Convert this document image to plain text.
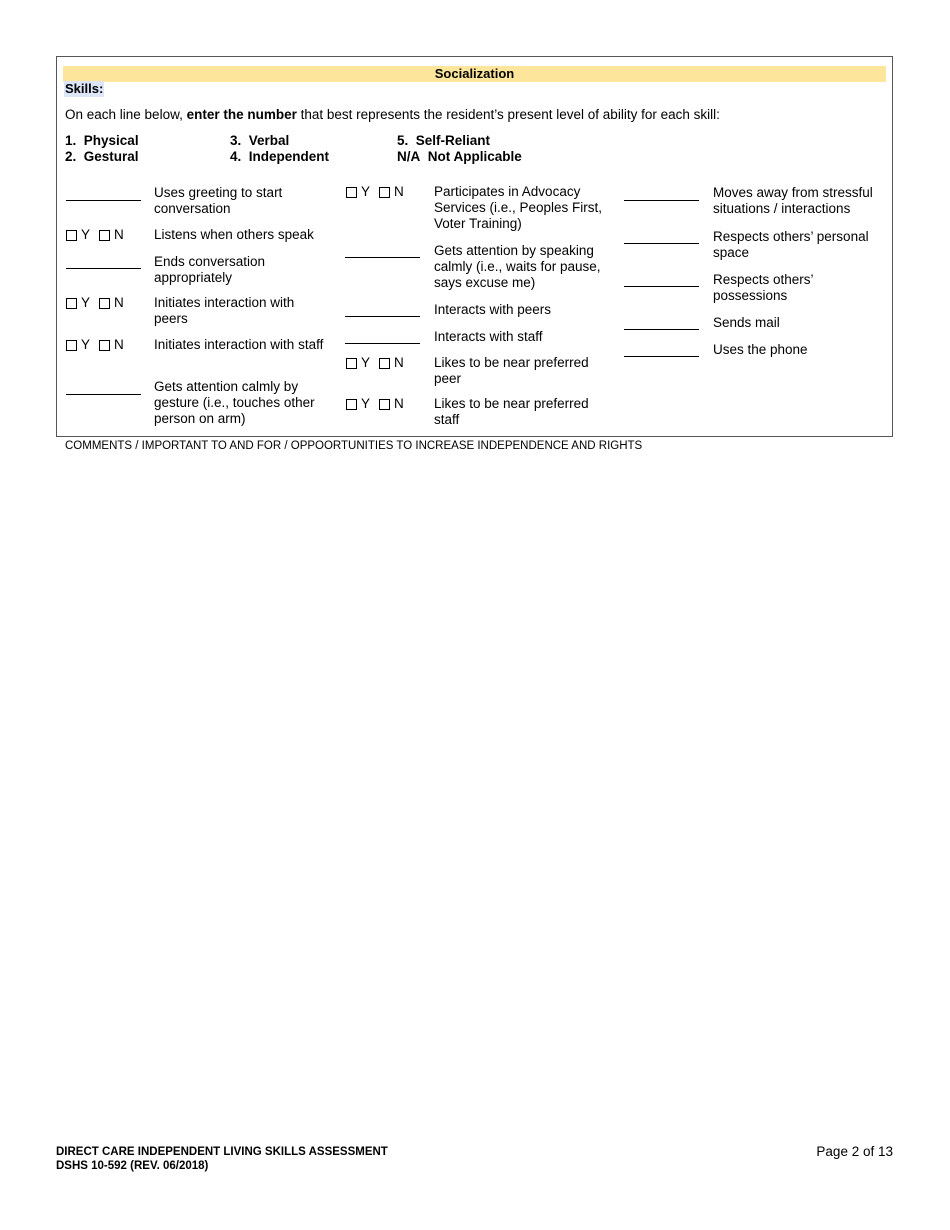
Socialization
Skills:
On each line below, enter the number that best represents the resident’s present level of ability for each skill:
1. Physical
2. Gestural
3. Verbal
4. Independent
5. Self-Reliant
N/A Not Applicable
Uses greeting to start conversation
Y N Listens when others speak
Ends conversation appropriately
Y N Initiates interaction with peers
Y N Initiates interaction with staff
Gets attention calmly by gesture (i.e., touches other person on arm)
Y N Participates in Advocacy Services (i.e., Peoples First, Voter Training)
Gets attention by speaking calmly (i.e., waits for pause, says excuse me)
Interacts with peers
Interacts with staff
Y N Likes to be near preferred peer
Y N Likes to be near preferred staff
Moves away from stressful situations / interactions
Respects others’ personal space
Respects others’ possessions
Sends mail
Uses the phone
COMMENTS / IMPORTANT TO AND FOR / OPPOORTUNITIES TO INCREASE INDEPENDENCE AND RIGHTS
DIRECT CARE INDEPENDENT LIVING SKILLS ASSESSMENT
DSHS 10-592 (REV. 06/2018)
Page 2 of 13
